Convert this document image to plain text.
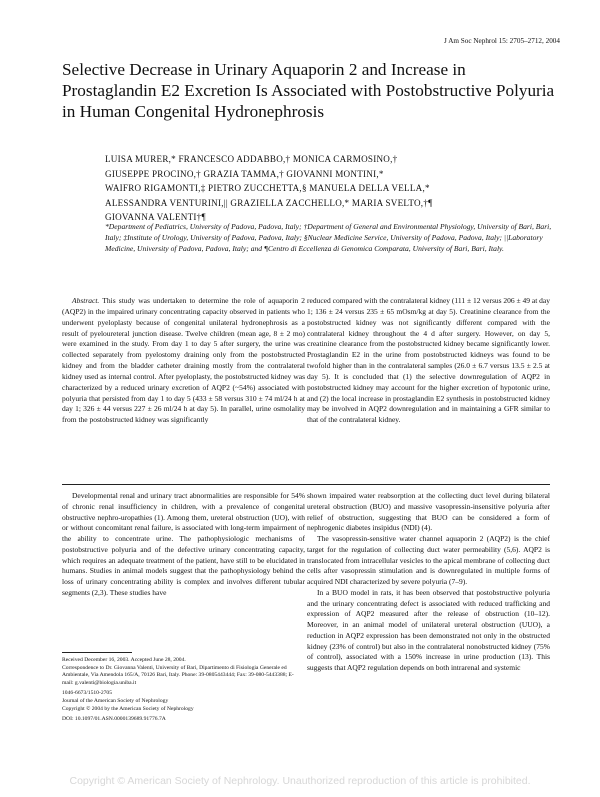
J Am Soc Nephrol 15: 2705–2712, 2004
Selective Decrease in Urinary Aquaporin 2 and Increase in Prostaglandin E2 Excretion Is Associated with Postobstructive Polyuria in Human Congenital Hydronephrosis
LUISA MURER,* FRANCESCO ADDABBO,† MONICA CARMOSINO,†
GIUSEPPE PROCINO,† GRAZIA TAMMA,† GIOVANNI MONTINI,*
WAIFRO RIGAMONTI,‡ PIETRO ZUCCHETTA,§ MANUELA DELLA VELLA,*
ALESSANDRA VENTURINI,|| GRAZIELLA ZACCHELLO,* MARIA SVELTO,†¶
GIOVANNA VALENTI†¶
*Department of Pediatrics, University of Padova, Padova, Italy; †Department of General and Environmental Physiology, University of Bari, Bari, Italy; ‡Institute of Urology, University of Padova, Padova, Italy; §Nuclear Medicine Service, University of Padova, Padova, Italy; ||Laboratory Medicine, University of Padova, Padova, Italy; and ¶Centro di Eccellenza di Genomica Comparata, University of Bari, Bari, Italy.
Abstract. This study was undertaken to determine the role of aquaporin 2 (AQP2) in the impaired urinary concentrating capacity observed in patients who underwent pyeloplasty because of congenital unilateral hydronephrosis as a result of pyeloureteral junction disease. Twelve children (mean age, 8 ± 2 mo) were examined in the study. From day 1 to day 5 after surgery, the urine was collected separately from pyelostomy draining only from the postobstructed kidney and from the bladder catheter draining mostly from the contralateral kidney used as internal control. After pyeloplasty, the postobstructed kidney was characterized by a reduced urinary excretion of AQP2 (~54%) associated with polyuria that persisted from day 1 to day 5 (433 ± 58 versus 310 ± 74 ml/24 h at day 1; 326 ± 44 versus 227 ± 26 ml/24 h at day 5). In parallel, urine osmolality from the postobstructed kidney was significantly
reduced compared with the contralateral kidney (111 ± 12 versus 206 ± 49 at day 1; 136 ± 24 versus 235 ± 65 mOsm/kg at day 5). Creatinine clearance from the postobstructed kidney was not significantly different compared with the contralateral kidney throughout the 4 d after surgery. However, on day 5, creatinine clearance from the postobstructed kidney became significantly lower. Prostaglandin E2 in the urine from postobstructed kidneys was found to be twofold higher than in the contralateral samples (26.0 ± 6.7 versus 13.5 ± 2.5 at day 5). It is concluded that (1) the selective downregulation of AQP2 in postobstructed kidney may account for the higher excretion of hypotonic urine, and (2) the local increase in prostaglandin E2 synthesis in postobstructed kidney may be involved in AQP2 downregulation and in maintaining a GFR similar to that of the contralateral kidney.

Developmental renal and urinary tract abnormalities are responsible for 54% of chronic renal insufficiency in children, with a prevalence of congenital obstructive nephro-uropathies (1). Among them, ureteral obstruction (UO), with or without concomitant renal failure, is associated with long-term impairment of the ability to concentrate urine. The pathophysiologic mechanisms of postobstructive polyuria and of the defective urinary concentrating capacity, which requires an adequate treatment of the patient, have still to be elucidated in humans. Studies in animal models suggest that the pathophysiology behind the loss of urinary concentrating ability is complex and involves different tubular segments (2,3). These studies have

shown impaired water reabsorption at the collecting duct level during bilateral ureteral obstruction (BUO) and massive vasopressin-insensitive polyuria after relief of obstruction, suggesting that BUO can be considered a form of nephrogenic diabetes insipidus (NDI) (4).

The vasopressin-sensitive water channel aquaporin 2 (AQP2) is the chief target for the regulation of collecting duct water permeability (5,6). AQP2 is translocated from intracellular vesicles to the apical membrane of collecting duct cells after vasopressin stimulation and is downregulated in multiple forms of acquired NDI characterized by severe polyuria (7–9).

In a BUO model in rats, it has been observed that postobstructive polyuria and the urinary concentrating defect is associated with reduced trafficking and expression of AQP2 measured after the release of obstruction (10–12). Moreover, in an animal model of unilateral ureteral obstruction (UUO), a reduction in AQP2 expression has been demonstrated not only in the obstructed kidney (23% of control) but also in the contralateral nonobstructed kidney (75% of control), associated with a 150% increase in urine production (13). This suggests that AQP2 regulation depends on both intrarenal and systemic

Received December 16, 2003. Accepted June 28, 2004.
Correspondence to Dr. Giovanna Valenti, University of Bari, Dipartimento di Fisiologia Generale ed Ambientale, Via Amendola 165/A, 70126 Bari, Italy. Phone: 39-0805443444; Fax: 39-080-5443388; E-mail: g.valenti@biologia.uniba.it
1046-6673/1510-2705
Journal of the American Society of Nephrology
Copyright © 2004 by the American Society of Nephrology
DOI: 10.1097/01.ASN.0000139689.91776.7A
Copyright © American Society of Nephrology. Unauthorized reproduction of this article is prohibited.
